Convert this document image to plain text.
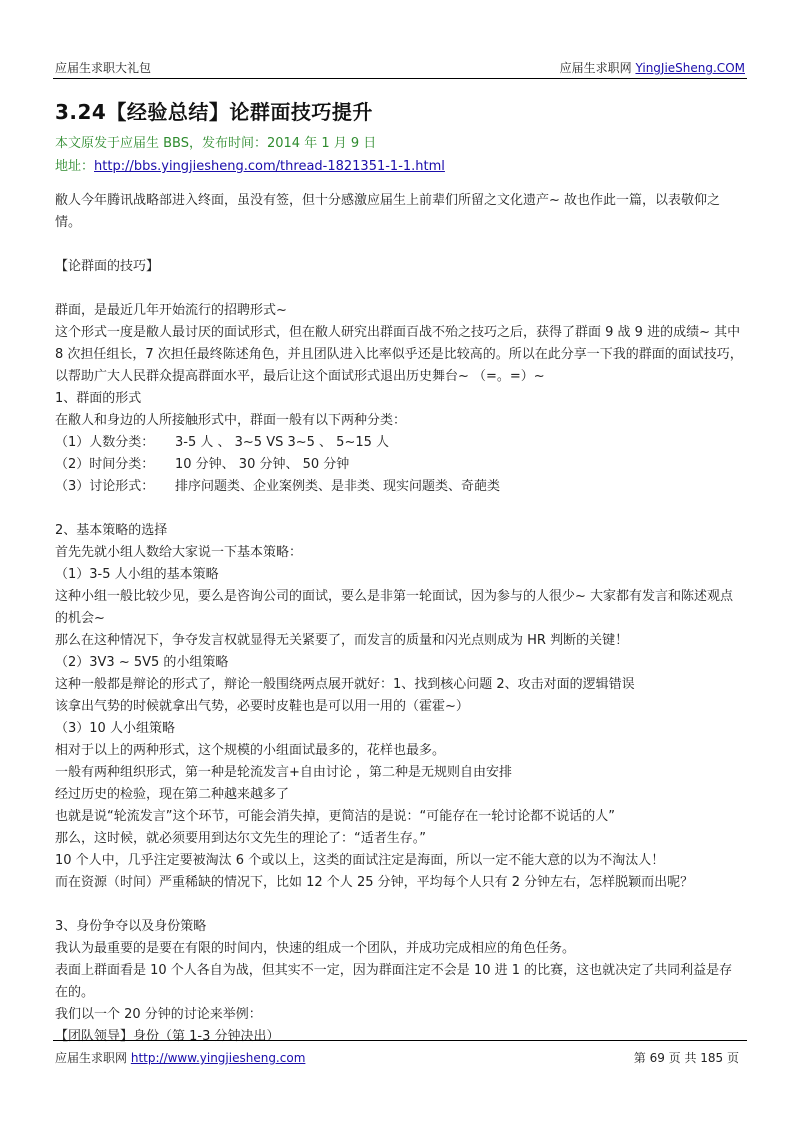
应届生求职大礼包	应届生求职网 YingJieSheng.COM
3.24【经验总结】论群面技巧提升
本文原发于应届生 BBS，发布时间：2014 年 1 月 9 日
地址：http://bbs.yingjiesheng.com/thread-1821351-1-1.html

敝人今年腾讯战略部进入终面，虽没有签，但十分感激应届生上前辈们所留之文化遗产~ 故也作此一篇，以表敬仰之情。

【论群面的技巧】

群面，是最近几年开始流行的招聘形式~

这个形式一度是敝人最讨厌的面试形式，但在敝人研究出群面百战不殆之技巧之后，获得了群面 9 战 9 进的成绩~ 其中 8 次担任组长，7 次担任最终陈述角色，并且团队进入比率似乎还是比较高的。所以在此分享一下我的群面的面试技巧，以帮助广大人民群众提高群面水平，最后让这个面试形式退出历史舞台~ （=。=）~

1、群面的形式

在敝人和身边的人所接触形式中，群面一般有以下两种分类：

（1）人数分类： 3-5 人 、 3~5 VS 3~5 、 5~15 人

（2）时间分类： 10 分钟、 30 分钟、 50 分钟

（3）讨论形式： 排序问题类、企业案例类、是非类、现实问题类、奇葩类

2、基本策略的选择

首先先就小组人数给大家说一下基本策略：

（1）3-5 人小组的基本策略

这种小组一般比较少见，要么是咨询公司的面试，要么是非第一轮面试，因为参与的人很少~ 大家都有发言和陈述观点的机会~

那么在这种情况下，争夺发言权就显得无关紧要了，而发言的质量和闪光点则成为 HR 判断的关键！

（2）3V3 ~ 5V5 的小组策略

这种一般都是辩论的形式了，辩论一般围绕两点展开就好：1、找到核心问题 2、攻击对面的逻辑错误

该拿出气势的时候就拿出气势，必要时皮鞋也是可以用一用的（霍霍~）

（3）10 人小组策略

相对于以上的两种形式，这个规模的小组面试最多的，花样也最多。

一般有两种组织形式，第一种是轮流发言+自由讨论 ，第二种是无规则自由安排

经过历史的检验，现在第二种越来越多了

也就是说“轮流发言”这个环节，可能会消失掉，更简洁的是说：“可能存在一轮讨论都不说话的人”

那么，这时候，就必须要用到达尔文先生的理论了：“适者生存。”

10 个人中，几乎注定要被淘汰 6 个或以上，这类的面试注定是海面，所以一定不能大意的以为不淘汰人！

而在资源（时间）严重稀缺的情况下，比如 12 个人 25 分钟，平均每个人只有 2 分钟左右，怎样脱颖而出呢？

3、身份争夺以及身份策略

我认为最重要的是要在有限的时间内，快速的组成一个团队，并成功完成相应的角色任务。

表面上群面看是 10 个人各自为战，但其实不一定，因为群面注定不会是 10 进 1 的比赛，这也就决定了共同利益是存在的。

我们以一个 20 分钟的讨论来举例：

【团队领导】身份（第 1-3 分钟决出）

应届生求职网 http://www.yingjiesheng.com	第 69 页 共 185 页
